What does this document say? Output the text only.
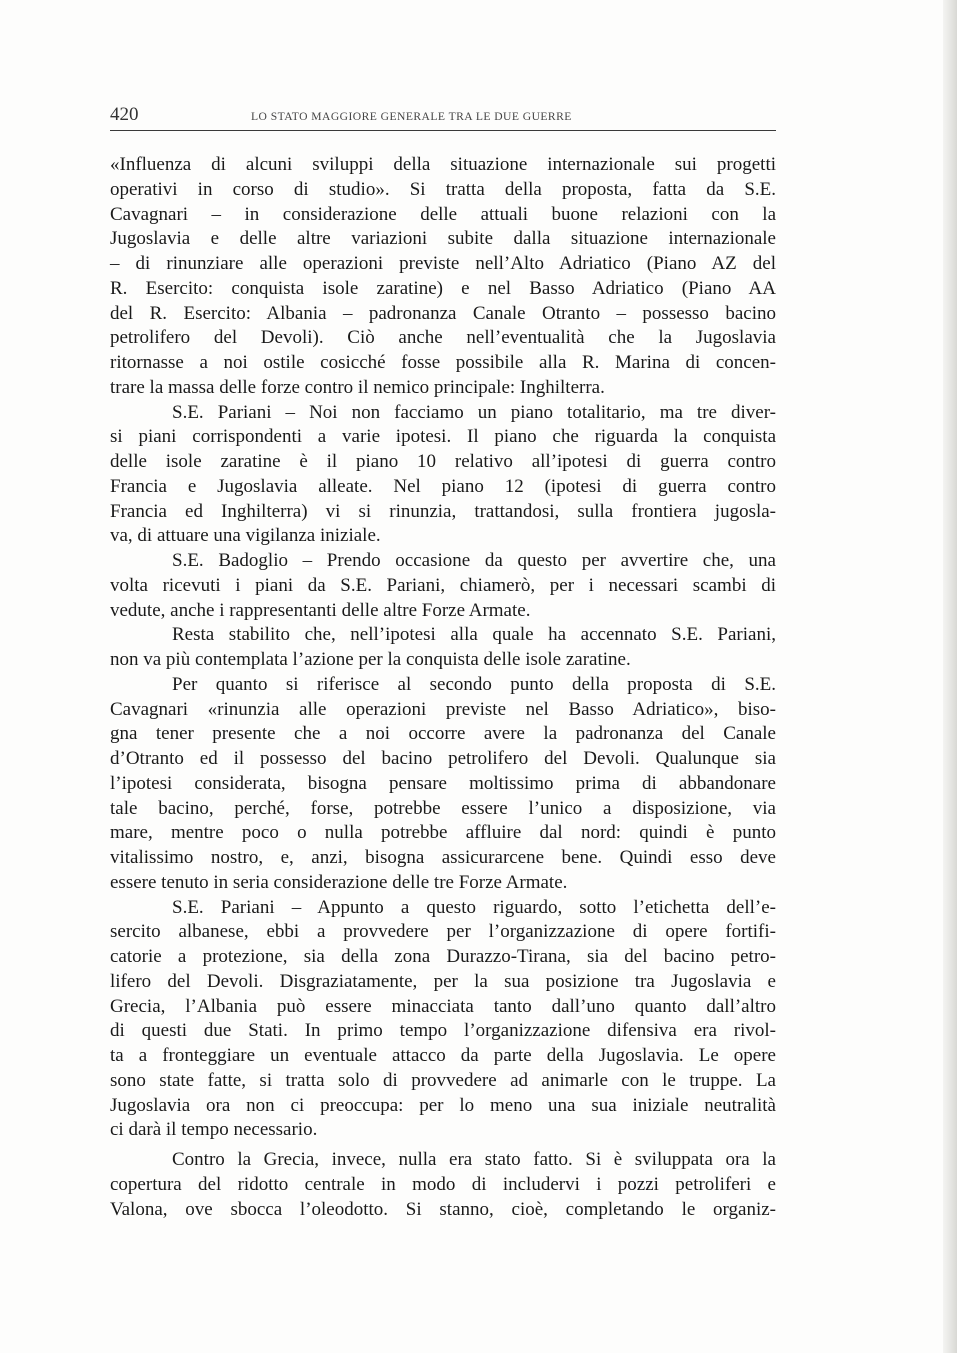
420	LO STATO MAGGIORE GENERALE TRA LE DUE GUERRE
«Influenza di alcuni sviluppi della situazione internazionale sui progetti
operativi in corso di studio». Si tratta della proposta, fatta da S.E.
Cavagnari – in considerazione delle attuali buone relazioni con la
Jugoslavia e delle altre variazioni subite dalla situazione internazionale
– di rinunziare alle operazioni previste nell’Alto Adriatico (Piano AZ del
R. Esercito: conquista isole zaratine) e nel Basso Adriatico (Piano AA
del R. Esercito: Albania – padronanza Canale Otranto – possesso bacino
petrolifero del Devoli). Ciò anche nell’eventualità che la Jugoslavia
ritornasse a noi ostile cosicché fosse possibile alla R. Marina di concen-
trare la massa delle forze contro il nemico principale: Inghilterra.
S.E. Pariani – Noi non facciamo un piano totalitario, ma tre diver-
si piani corrispondenti a varie ipotesi. Il piano che riguarda la conquista
delle isole zaratine è il piano 10 relativo all’ipotesi di guerra contro
Francia e Jugoslavia alleate. Nel piano 12 (ipotesi di guerra contro
Francia ed Inghilterra) vi si rinunzia, trattandosi, sulla frontiera jugosla-
va, di attuare una vigilanza iniziale.
S.E. Badoglio – Prendo occasione da questo per avvertire che, una
volta ricevuti i piani da S.E. Pariani, chiamerò, per i necessari scambi di
vedute, anche i rappresentanti delle altre Forze Armate.
Resta stabilito che, nell’ipotesi alla quale ha accennato S.E. Pariani,
non va più contemplata l’azione per la conquista delle isole zaratine.
Per quanto si riferisce al secondo punto della proposta di S.E.
Cavagnari «rinunzia alle operazioni previste nel Basso Adriatico», biso-
gna tener presente che a noi occorre avere la padronanza del Canale
d’Otranto ed il possesso del bacino petrolifero del Devoli. Qualunque sia
l’ipotesi considerata, bisogna pensare moltissimo prima di abbandonare
tale bacino, perché, forse, potrebbe essere l’unico a disposizione, via
mare, mentre poco o nulla potrebbe affluire dal nord: quindi è punto
vitalissimo nostro, e, anzi, bisogna assicurarcene bene. Quindi esso deve
essere tenuto in seria considerazione delle tre Forze Armate.
S.E. Pariani – Appunto a questo riguardo, sotto l’etichetta dell’e-
sercito albanese, ebbi a provvedere per l’organizzazione di opere fortifi-
catorie a protezione, sia della zona Durazzo-Tirana, sia del bacino petro-
lifero del Devoli. Disgraziatamente, per la sua posizione tra Jugoslavia e
Grecia, l’Albania può essere minacciata tanto dall’uno quanto dall’altro
di questi due Stati. In primo tempo l’organizzazione difensiva era rivol-
ta a fronteggiare un eventuale attacco da parte della Jugoslavia. Le opere
sono state fatte, si tratta solo di provvedere ad animarle con le truppe. La
Jugoslavia ora non ci preoccupa: per lo meno una sua iniziale neutralità
ci darà il tempo necessario.
Contro la Grecia, invece, nulla era stato fatto. Si è sviluppata ora la
copertura del ridotto centrale in modo di includervi i pozzi petroliferi e
Valona, ove sbocca l’oleodotto. Si stanno, cioè, completando le organiz-
